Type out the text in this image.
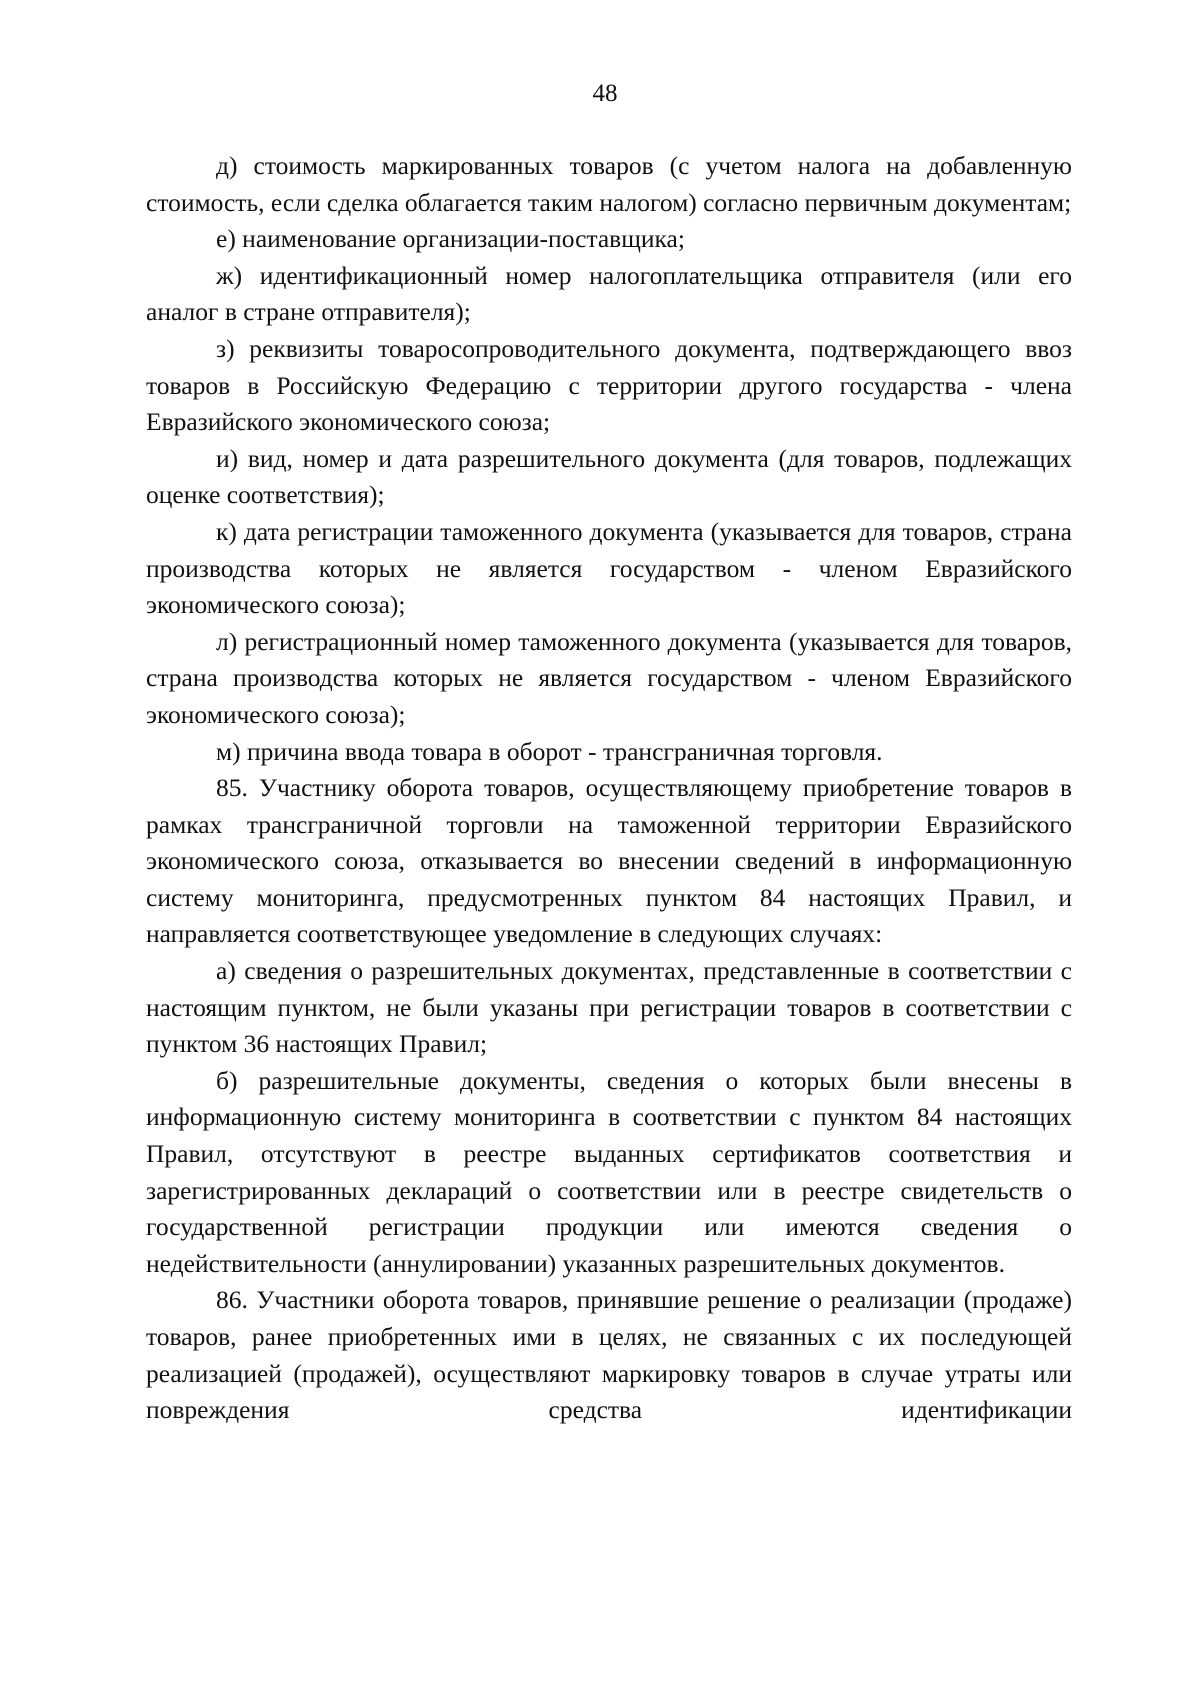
48

д) стоимость маркированных товаров (с учетом налога на добавленную стоимость, если сделка облагается таким налогом) согласно первичным документам;

е) наименование организации-поставщика;

ж) идентификационный номер налогоплательщика отправителя (или его аналог в стране отправителя);

з) реквизиты товаросопроводительного документа, подтверждающего ввоз товаров в Российскую Федерацию с территории другого государства - члена Евразийского экономического союза;

и) вид, номер и дата разрешительного документа (для товаров, подлежащих оценке соответствия);

к) дата регистрации таможенного документа (указывается для товаров, страна производства которых не является государством - членом Евразийского экономического союза);

л) регистрационный номер таможенного документа (указывается для товаров, страна производства которых не является государством - членом Евразийского экономического союза);

м) причина ввода товара в оборот - трансграничная торговля.

85. Участнику оборота товаров, осуществляющему приобретение товаров в рамках трансграничной торговли на таможенной территории Евразийского экономического союза, отказывается во внесении сведений в информационную систему мониторинга, предусмотренных пунктом 84 настоящих Правил, и направляется соответствующее уведомление в следующих случаях:

а) сведения о разрешительных документах, представленные в соответствии с настоящим пунктом, не были указаны при регистрации товаров в соответствии с пунктом 36 настоящих Правил;

б) разрешительные документы, сведения о которых были внесены в информационную систему мониторинга в соответствии с пунктом 84 настоящих Правил, отсутствуют в реестре выданных сертификатов соответствия и зарегистрированных деклараций о соответствии или в реестре свидетельств о государственной регистрации продукции или имеются сведения о недействительности (аннулировании) указанных разрешительных документов.

86. Участники оборота товаров, принявшие решение о реализации (продаже) товаров, ранее приобретенных ими в целях, не связанных с их последующей реализацией (продажей), осуществляют маркировку товаров в случае утраты или повреждения средства идентификации
